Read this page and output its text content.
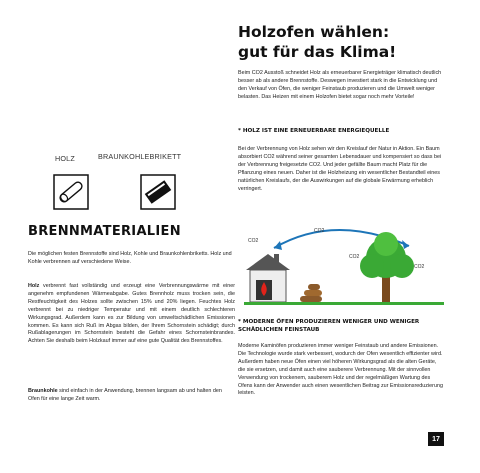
Holzofen wählen:
gut für das Klima!

Beim CO2 Ausstoß schneidet Holz als erneuerbarer Energieträger klimatisch deutlich besser ab als andere Brennstoffe. Deswegen investiert stark in die Entwicklung und den Verkauf von Öfen, die weniger Feinstaub produzieren und die Umwelt weniger belasten. Das Heizen mit einem Holzofen bietet sogar noch mehr Vorteile!

* HOLZ IST EINE ERNEUERBARE ENERGIEQUELLE

Bei der Verbrennung von Holz sehen wir den Kreislauf der Natur in Aktion. Ein Baum absorbiert CO2 während seiner gesamten Lebensdauer und kompensiert so dass bei der Verbrennung freigesetzte CO2. Und jeder gefällte Baum macht Platz für die Pflanzung eines neuen. Daher ist die Holzheizung ein wesentlicher Bestandteil eines natürlichen Kreislaufs, der die Auswirkungen auf die globale Erwärmung erheblich verringert.

CO2
CO2
CO2
CO2
* MODERNE ÖFEN PRODUZIEREN WENIGER UND WENIGER
SCHÄDLICHEN FEINSTAUB

Moderne Kaminöfen produzieren immer weniger Feinstaub und andere Emissionen. Die Technologie wurde stark verbessert, wodurch der Ofen wesentlich effizienter wird. Außerdem haben neue Öfen einen viel höheren Wirkungsgrad als die alten Geräte, die sie ersetzen, und damit auch eine sauberere Verbrennung. Mit der sinnvollen Verwendung von trockenem, sauberem Holz und der regelmäßigen Wartung des Ofens kann der Anwender auch einen wesentlichen Beitrag zur Emissionsreduzierung leisten.

HOLZ	BRAUNKOHLEBRIKETT
BRENNMATERIALIEN

Die möglichen festen Brennstoffe sind Holz, Kohle und Braunkohlenbriketts. Holz und Kohle verbrennen auf verschiedene Weise.

Holz verbrennt fast vollständig und erzeugt eine Verbrennungswärme mit einer angenehm empfundenen Wärmeabgabe. Gutes Brennholz muss trocken sein, die Restfeuchtigkeit des Holzes sollte zwischen 15% und 20% liegen. Feuchtes Holz verbrennt bei zu niedriger Temperatur und mit einem deutlich schlechteren Wirkungsgrad. Außerdem kann es zur Bildung von umweltschädlichen Emissionen kommen. Es kann sich Ruß im Abgas bilden, der Ihrem Schornstein schädigt; durch Rußablagerungen im Schornstein besteht die Gefahr eines Schornsteinbrandes. Achten Sie deshalb beim Holzkauf immer auf eine gute Qualität des Brennstoffes.

Braunkohle sind einfach in der Anwendung, brennen langsam ab und halten den Ofen für eine lange Zeit warm.

17
